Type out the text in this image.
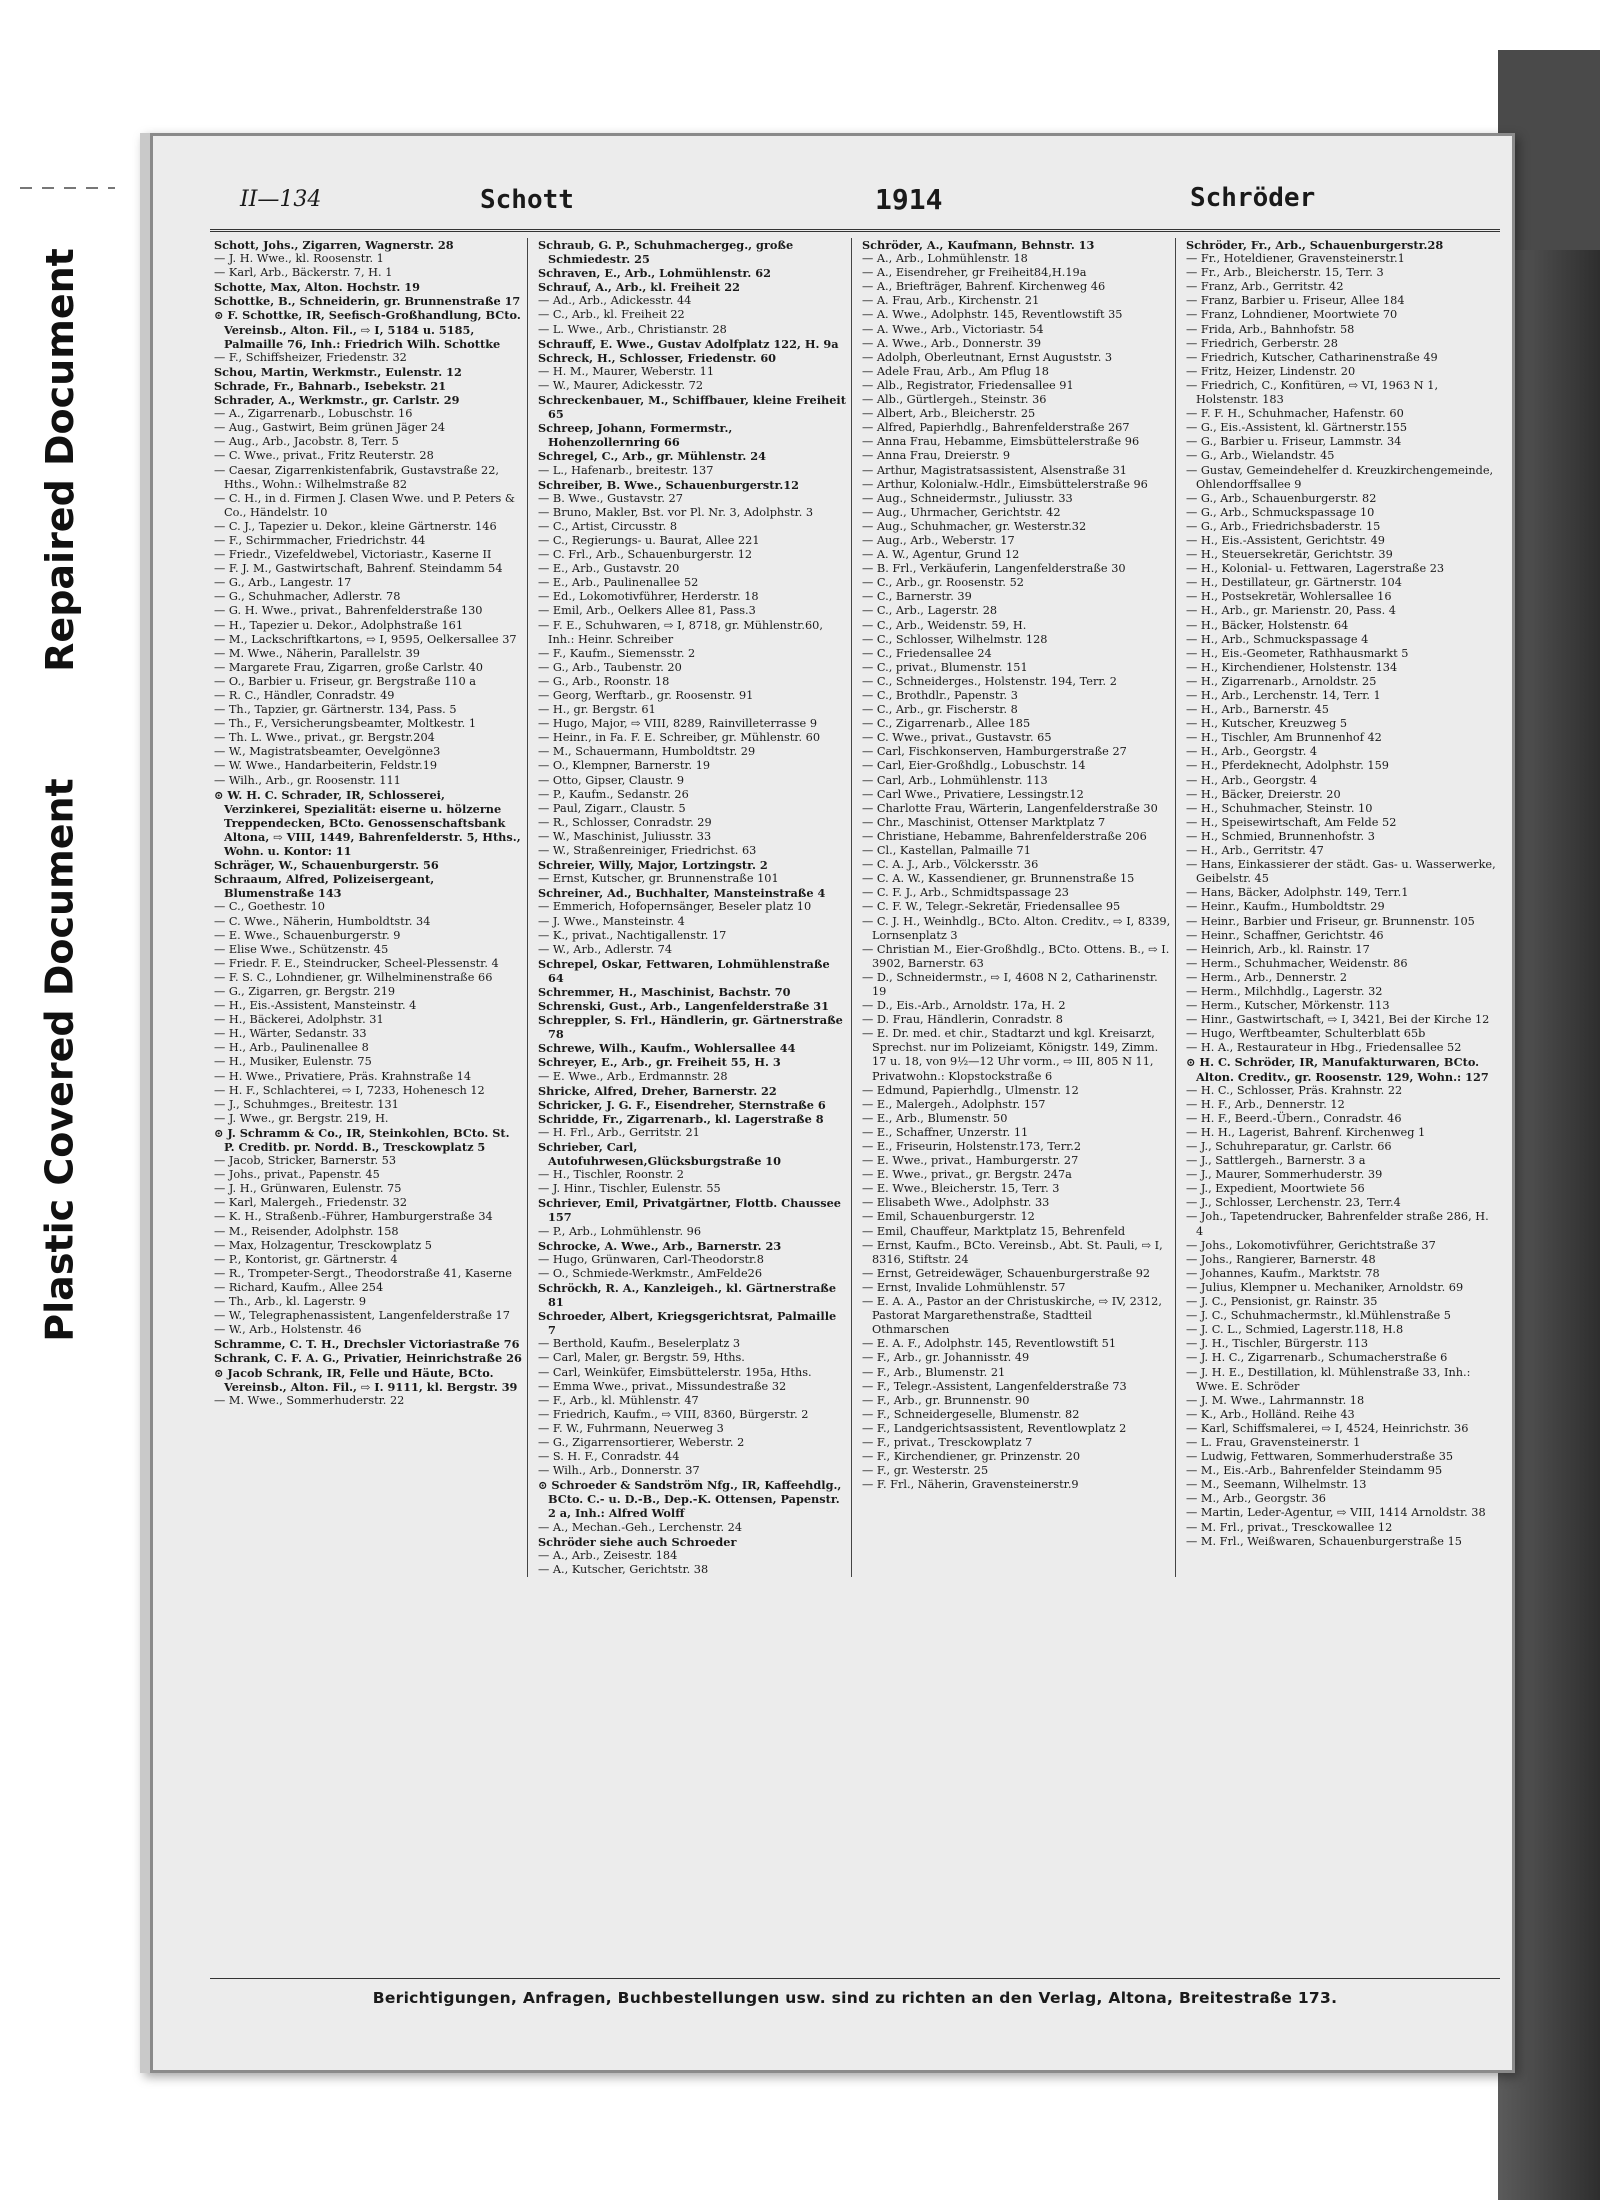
Repaired Document
Plastic Covered Document
II—134	Schott	1914	Schröder

Schott, Johs., Zigarren, Wagnerstr. 28

— J. H. Wwe., kl. Roosenstr. 1

— Karl, Arb., Bäckerstr. 7, H. 1

Schotte, Max, Alton. Hochstr. 19

Schottke, B., Schneiderin, gr. Brunnenstraße 17

⊙ F. Schottke, IR, Seefisch-Großhandlung, BCto. Vereinsb., Alton. Fil., ⇨ I, 5184 u. 5185, Palmaille 76, Inh.: Friedrich Wilh. Schottke

— F., Schiffsheizer, Friedenstr. 32

Schou, Martin, Werkmstr., Eulenstr. 12

Schrade, Fr., Bahnarb., Isebekstr. 21

Schrader, A., Werkmstr., gr. Carlstr. 29

— A., Zigarrenarb., Lobuschstr. 16

— Aug., Gastwirt, Beim grünen Jäger 24

— Aug., Arb., Jacobstr. 8, Terr. 5

— C. Wwe., privat., Fritz Reuterstr. 28

— Caesar, Zigarrenkistenfabrik, Gustavstraße 22, Hths., Wohn.: Wilhelmstraße 82

— C. H., in d. Firmen J. Clasen Wwe. und P. Peters & Co., Händelstr. 10

— C. J., Tapezier u. Dekor., kleine Gärtnerstr. 146

— F., Schirmmacher, Friedrichstr. 44

— Friedr., Vizefeldwebel, Victoriastr., Kaserne II

— F. J. M., Gastwirtschaft, Bahrenf. Steindamm 54

— G., Arb., Langestr. 17

— G., Schuhmacher, Adlerstr. 78

— G. H. Wwe., privat., Bahrenfelderstraße 130

— H., Tapezier u. Dekor., Adolphstraße 161

— M., Lackschriftkartons, ⇨ I, 9595, Oelkersallee 37

— M. Wwe., Näherin, Parallelstr. 39

— Margarete Frau, Zigarren, große Carlstr. 40

— O., Barbier u. Friseur, gr. Bergstraße 110 a

— R. C., Händler, Conradstr. 49

— Th., Tapzier, gr. Gärtnerstr. 134, Pass. 5

— Th., F., Versicherungsbeamter, Moltkestr. 1

— Th. L. Wwe., privat., gr. Bergstr.204

— W., Magistratsbeamter, Oevelgönne3

— W. Wwe., Handarbeiterin, Feldstr.19

— Wilh., Arb., gr. Roosenstr. 111

⊙ W. H. C. Schrader, IR, Schlosserei, Verzinkerei, Spezialität: eiserne u. hölzerne Treppendecken, BCto. Genossenschaftsbank Altona, ⇨ VIII, 1449, Bahrenfelderstr. 5, Hths., Wohn. u. Kontor: 11

Schräger, W., Schauenburgerstr. 56

Schraaum, Alfred, Polizeisergeant, Blumenstraße 143

— C., Goethestr. 10

— C. Wwe., Näherin, Humboldtstr. 34

— E. Wwe., Schauenburgerstr. 9

— Elise Wwe., Schützenstr. 45

— Friedr. F. E., Steindrucker, Scheel-Plessenstr. 4

— F. S. C., Lohndiener, gr. Wilhelminenstraße 66

— G., Zigarren, gr. Bergstr. 219

— H., Eis.-Assistent, Mansteinstr. 4

— H., Bäckerei, Adolphstr. 31

— H., Wärter, Sedanstr. 33

— H., Arb., Paulinenallee 8

— H., Musiker, Eulenstr. 75

— H. Wwe., Privatiere, Präs. Krahnstraße 14

— H. F., Schlachterei, ⇨ I, 7233, Hohenesch 12

— J., Schuhmges., Breitestr. 131

— J. Wwe., gr. Bergstr. 219, H.

⊙ J. Schramm & Co., IR, Steinkohlen, BCto. St. P. Creditb. pr. Nordd. B., Tresckowplatz 5

— Jacob, Stricker, Barnerstr. 53

— Johs., privat., Papenstr. 45

— J. H., Grünwaren, Eulenstr. 75

— Karl, Malergeh., Friedenstr. 32

— K. H., Straßenb.-Führer, Hamburgerstraße 34

— M., Reisender, Adolphstr. 158

— Max, Holzagentur, Tresckowplatz 5

— P., Kontorist, gr. Gärtnerstr. 4

— R., Trompeter-Sergt., Theodorstraße 41, Kaserne

— Richard, Kaufm., Allee 254

— Th., Arb., kl. Lagerstr. 9

— W., Telegraphenassistent, Langenfelderstraße 17

— W., Arb., Holstenstr. 46

Schramme, C. T. H., Drechsler Victoriastraße 76

Schrank, C. F. A. G., Privatier, Heinrichstraße 26

⊙ Jacob Schrank, IR, Felle und Häute, BCto. Vereinsb., Alton. Fil., ⇨ I. 9111, kl. Bergstr. 39

— M. Wwe., Sommerhuderstr. 22

Schraub, G. P., Schuhmachergeg., große Schmiedestr. 25

Schraven, E., Arb., Lohmühlenstr. 62

Schrauf, A., Arb., kl. Freiheit 22

— Ad., Arb., Adickesstr. 44

— C., Arb., kl. Freiheit 22

— L. Wwe., Arb., Christianstr. 28

Schrauff, E. Wwe., Gustav Adolfplatz 122, H. 9a

Schreck, H., Schlosser, Friedenstr. 60

— H. M., Maurer, Weberstr. 11

— W., Maurer, Adickesstr. 72

Schreckenbauer, M., Schiffbauer, kleine Freiheit 65

Schreep, Johann, Formermstr., Hohenzollernring 66

Schregel, C., Arb., gr. Mühlenstr. 24

— L., Hafenarb., breitestr. 137

Schreiber, B. Wwe., Schauenburgerstr.12

— B. Wwe., Gustavstr. 27

— Bruno, Makler, Bst. vor Pl. Nr. 3, Adolphstr. 3

— C., Artist, Circusstr. 8

— C., Regierungs- u. Baurat, Allee 221

— C. Frl., Arb., Schauenburgerstr. 12

— E., Arb., Gustavstr. 20

— E., Arb., Paulinenallee 52

— Ed., Lokomotivführer, Herderstr. 18

— Emil, Arb., Oelkers Allee 81, Pass.3

— F. E., Schuhwaren, ⇨ I, 8718, gr. Mühlenstr.60, Inh.: Heinr. Schreiber

— F., Kaufm., Siemensstr. 2

— G., Arb., Taubenstr. 20

— G., Arb., Roonstr. 18

— Georg, Werftarb., gr. Roosenstr. 91

— H., gr. Bergstr. 61

— Hugo, Major, ⇨ VIII, 8289, Rainvilleterrasse 9

— Heinr., in Fa. F. E. Schreiber, gr. Mühlenstr. 60

— M., Schauermann, Humboldtstr. 29

— O., Klempner, Barnerstr. 19

— Otto, Gipser, Claustr. 9

— P., Kaufm., Sedanstr. 26

— Paul, Zigarr., Claustr. 5

— R., Schlosser, Conradstr. 29

— W., Maschinist, Juliusstr. 33

— W., Straßenreiniger, Friedrichst. 63

Schreier, Willy, Major, Lortzingstr. 2

— Ernst, Kutscher, gr. Brunnenstraße 101

Schreiner, Ad., Buchhalter, Mansteinstraße 4

— Emmerich, Hofopernsänger, Beseler platz 10

— J. Wwe., Mansteinstr. 4

— K., privat., Nachtigallenstr. 17

— W., Arb., Adlerstr. 74

Schrepel, Oskar, Fettwaren, Lohmühlenstraße 64

Schremmer, H., Maschinist, Bachstr. 70

Schrenski, Gust., Arb., Langenfelderstraße 31

Schreppler, S. Frl., Händlerin, gr. Gärtnerstraße 78

Schrewe, Wilh., Kaufm., Wohlersallee 44

Schreyer, E., Arb., gr. Freiheit 55, H. 3

— E. Wwe., Arb., Erdmannstr. 28

Shricke, Alfred, Dreher, Barnerstr. 22

Schricker, J. G. F., Eisendreher, Sternstraße 6

Schridde, Fr., Zigarrenarb., kl. Lagerstraße 8

— H. Frl., Arb., Gerritstr. 21

Schrieber, Carl, Autofuhrwesen,Glücksburgstraße 10

— H., Tischler, Roonstr. 2

— J. Hinr., Tischler, Eulenstr. 55

Schriever, Emil, Privatgärtner, Flottb. Chaussee 157

— P., Arb., Lohmühlenstr. 96

Schrocke, A. Wwe., Arb., Barnerstr. 23

— Hugo, Grünwaren, Carl-Theodorstr.8

— O., Schmiede-Werkmstr., AmFelde26

Schröckh, R. A., Kanzleigeh., kl. Gärtnerstraße 81

Schroeder, Albert, Kriegsgerichtsrat, Palmaille 7

— Berthold, Kaufm., Beselerplatz 3

— Carl, Maler, gr. Bergstr. 59, Hths.

— Carl, Weinküfer, Eimsbüttelerstr. 195a, Hths.

— Emma Wwe., privat., Missundestraße 32

— F., Arb., kl. Mühlenstr. 47

— Friedrich, Kaufm., ⇨ VIII, 8360, Bürgerstr. 2

— F. W., Fuhrmann, Neuerweg 3

— G., Zigarrensortierer, Weberstr. 2

— S. H. F., Conradstr. 44

— Wilh., Arb., Donnerstr. 37

⊙ Schroeder & Sandström Nfg., IR, Kaffeehdlg., BCto. C.- u. D.-B., Dep.-K. Ottensen, Papenstr. 2 a, Inh.: Alfred Wolff

— A., Mechan.-Geh., Lerchenstr. 24

Schröder siehe auch Schroeder

— A., Arb., Zeisestr. 184

— A., Kutscher, Gerichtstr. 38

Schröder, A., Kaufmann, Behnstr. 13

— A., Arb., Lohmühlenstr. 18

— A., Eisendreher, gr Freiheit84,H.19a

— A., Briefträger, Bahrenf. Kirchenweg 46

— A. Frau, Arb., Kirchenstr. 21

— A. Wwe., Adolphstr. 145, Reventlowstift 35

— A. Wwe., Arb., Victoriastr. 54

— A. Wwe., Arb., Donnerstr. 39

— Adolph, Oberleutnant, Ernst Auguststr. 3

— Adele Frau, Arb., Am Pflug 18

— Alb., Registrator, Friedensallee 91

— Alb., Gürtlergeh., Steinstr. 36

— Albert, Arb., Bleicherstr. 25

— Alfred, Papierhdlg., Bahrenfelderstraße 267

— Anna Frau, Hebamme, Eimsbüttelerstraße 96

— Anna Frau, Dreierstr. 9

— Arthur, Magistratsassistent, Alsenstraße 31

— Arthur, Kolonialw.-Hdlr., Eimsbüttelerstraße 96

— Aug., Schneidermstr., Juliusstr. 33

— Aug., Uhrmacher, Gerichtstr. 42

— Aug., Schuhmacher, gr. Westerstr.32

— Aug., Arb., Weberstr. 17

— A. W., Agentur, Grund 12

— B. Frl., Verkäuferin, Langenfelderstraße 30

— C., Arb., gr. Roosenstr. 52

— C., Barnerstr. 39

— C., Arb., Lagerstr. 28

— C., Arb., Weidenstr. 59, H.

— C., Schlosser, Wilhelmstr. 128

— C., Friedensallee 24

— C., privat., Blumenstr. 151

— C., Schneiderges., Holstenstr. 194, Terr. 2

— C., Brothdlr., Papenstr. 3

— C., Arb., gr. Fischerstr. 8

— C., Zigarrenarb., Allee 185

— C. Wwe., privat., Gustavstr. 65

— Carl, Fischkonserven, Hamburgerstraße 27

— Carl, Eier-Großhdlg., Lobuschstr. 14

— Carl, Arb., Lohmühlenstr. 113

— Carl Wwe., Privatiere, Lessingstr.12

— Charlotte Frau, Wärterin, Langenfelderstraße 30

— Chr., Maschinist, Ottenser Marktplatz 7

— Christiane, Hebamme, Bahrenfelderstraße 206

— Cl., Kastellan, Palmaille 71

— C. A. J., Arb., Völckersstr. 36

— C. A. W., Kassendiener, gr. Brunnenstraße 15

— C. F. J., Arb., Schmidtspassage 23

— C. F. W., Telegr.-Sekretär, Friedensallee 95

— C. J. H., Weinhdlg., BCto. Alton. Creditv., ⇨ I, 8339, Lornsenplatz 3

— Christian M., Eier-Großhdlg., BCto. Ottens. B., ⇨ I. 3902, Barnerstr. 63

— D., Schneidermstr., ⇨ I, 4608 N 2, Catharinenstr. 19

— D., Eis.-Arb., Arnoldstr. 17a, H. 2

— D. Frau, Händlerin, Conradstr. 8

— E. Dr. med. et chir., Stadtarzt und kgl. Kreisarzt, Sprechst. nur im Polizeiamt, Königstr. 149, Zimm. 17 u. 18, von 9½—12 Uhr vorm., ⇨ III, 805 N 11, Privatwohn.: Klopstockstraße 6

— Edmund, Papierhdlg., Ulmenstr. 12

— E., Malergeh., Adolphstr. 157

— E., Arb., Blumenstr. 50

— E., Schaffner, Unzerstr. 11

— E., Friseurin, Holstenstr.173, Terr.2

— E. Wwe., privat., Hamburgerstr. 27

— E. Wwe., privat., gr. Bergstr. 247a

— E. Wwe., Bleicherstr. 15, Terr. 3

— Elisabeth Wwe., Adolphstr. 33

— Emil, Schauenburgerstr. 12

— Emil, Chauffeur, Marktplatz 15, Behrenfeld

— Ernst, Kaufm., BCto. Vereinsb., Abt. St. Pauli, ⇨ I, 8316, Stiftstr. 24

— Ernst, Getreidewäger, Schauenburgerstraße 92

— Ernst, Invalide Lohmühlenstr. 57

— E. A. A., Pastor an der Christuskirche, ⇨ IV, 2312, Pastorat Margarethenstraße, Stadtteil Othmarschen

— E. A. F., Adolphstr. 145, Reventlowstift 51

— F., Arb., gr. Johannisstr. 49

— F., Arb., Blumenstr. 21

— F., Telegr.-Assistent, Langenfelderstraße 73

— F., Arb., gr. Brunnenstr. 90

— F., Schneidergeselle, Blumenstr. 82

— F., Landgerichtsassistent, Reventlowplatz 2

— F., privat., Tresckowplatz 7

— F., Kirchendiener, gr. Prinzenstr. 20

— F., gr. Westerstr. 25

— F. Frl., Näherin, Gravensteinerstr.9

Schröder, Fr., Arb., Schauenburgerstr.28

— Fr., Hoteldiener, Gravensteinerstr.1

— Fr., Arb., Bleicherstr. 15, Terr. 3

— Franz, Arb., Gerritstr. 42

— Franz, Barbier u. Friseur, Allee 184

— Franz, Lohndiener, Moortwiete 70

— Frida, Arb., Bahnhofstr. 58

— Friedrich, Gerberstr. 28

— Friedrich, Kutscher, Catharinenstraße 49

— Fritz, Heizer, Lindenstr. 20

— Friedrich, C., Konfitüren, ⇨ VI, 1963 N 1, Holstenstr. 183

— F. F. H., Schuhmacher, Hafenstr. 60

— G., Eis.-Assistent, kl. Gärtnerstr.155

— G., Barbier u. Friseur, Lammstr. 34

— G., Arb., Wielandstr. 45

— Gustav, Gemeindehelfer d. Kreuzkirchengemeinde, Ohlendorffsallee 9

— G., Arb., Schauenburgerstr. 82

— G., Arb., Schmuckspassage 10

— G., Arb., Friedrichsbaderstr. 15

— H., Eis.-Assistent, Gerichtstr. 49

— H., Steuersekretär, Gerichtstr. 39

— H., Kolonial- u. Fettwaren, Lagerstraße 23

— H., Destillateur, gr. Gärtnerstr. 104

— H., Postsekretär, Wohlersallee 16

— H., Arb., gr. Marienstr. 20, Pass. 4

— H., Bäcker, Holstenstr. 64

— H., Arb., Schmuckspassage 4

— H., Eis.-Geometer, Rathhausmarkt 5

— H., Kirchendiener, Holstenstr. 134

— H., Zigarrenarb., Arnoldstr. 25

— H., Arb., Lerchenstr. 14, Terr. 1

— H., Arb., Barnerstr. 45

— H., Kutscher, Kreuzweg 5

— H., Tischler, Am Brunnenhof 42

— H., Arb., Georgstr. 4

— H., Pferdeknecht, Adolphstr. 159

— H., Arb., Georgstr. 4

— H., Bäcker, Dreierstr. 20

— H., Schuhmacher, Steinstr. 10

— H., Speisewirtschaft, Am Felde 52

— H., Schmied, Brunnenhofstr. 3

— H., Arb., Gerritstr. 47

— Hans, Einkassierer der städt. Gas- u. Wasserwerke, Geibelstr. 45

— Hans, Bäcker, Adolphstr. 149, Terr.1

— Heinr., Kaufm., Humboldtstr. 29

— Heinr., Barbier und Friseur, gr. Brunnenstr. 105

— Heinr., Schaffner, Gerichtstr. 46

— Heinrich, Arb., kl. Rainstr. 17

— Herm., Schuhmacher, Weidenstr. 86

— Herm., Arb., Dennerstr. 2

— Herm., Milchhdlg., Lagerstr. 32

— Herm., Kutscher, Mörkenstr. 113

— Hinr., Gastwirtschaft, ⇨ I, 3421, Bei der Kirche 12

— Hugo, Werftbeamter, Schulterblatt 65b

— H. A., Restaurateur in Hbg., Friedensallee 52

⊙ H. C. Schröder, IR, Manufakturwaren, BCto. Alton. Creditv., gr. Roosenstr. 129, Wohn.: 127

— H. C., Schlosser, Präs. Krahnstr. 22

— H. F., Arb., Dennerstr. 12

— H. F., Beerd.-Übern., Conradstr. 46

— H. H., Lagerist, Bahrenf. Kirchenweg 1

— J., Schuhreparatur, gr. Carlstr. 66

— J., Sattlergeh., Barnerstr. 3 a

— J., Maurer, Sommerhuderstr. 39

— J., Expedient, Moortwiete 56

— J., Schlosser, Lerchenstr. 23, Terr.4

— Joh., Tapetendrucker, Bahrenfelder straße 286, H. 4

— Johs., Lokomotivführer, Gerichtstraße 37

— Johs., Rangierer, Barnerstr. 48

— Johannes, Kaufm., Marktstr. 78

— Julius, Klempner u. Mechaniker, Arnoldstr. 69

— J. C., Pensionist, gr. Rainstr. 35

— J. C., Schuhmachermstr., kl.Mühlenstraße 5

— J. C. L., Schmied, Lagerstr.118, H.8

— J. H., Tischler, Bürgerstr. 113

— J. H. C., Zigarrenarb., Schumacherstraße 6

— J. H. E., Destillation, kl. Mühlenstraße 33, Inh.: Wwe. E. Schröder

— J. M. Wwe., Lahrmannstr. 18

— K., Arb., Holländ. Reihe 43

— Karl, Schiffsmalerei, ⇨ I, 4524, Heinrichstr. 36

— L. Frau, Gravensteinerstr. 1

— Ludwig, Fettwaren, Sommerhuderstraße 35

— M., Eis.-Arb., Bahrenfelder Steindamm 95

— M., Seemann, Wilhelmstr. 13

— M., Arb., Georgstr. 36

— Martin, Leder-Agentur, ⇨ VIII, 1414 Arnoldstr. 38

— M. Frl., privat., Tresckowallee 12

— M. Frl., Weißwaren, Schauenburgerstraße 15

Berichtigungen, Anfragen, Buchbestellungen usw. sind zu richten an den Verlag, Altona, Breitestraße 173.
